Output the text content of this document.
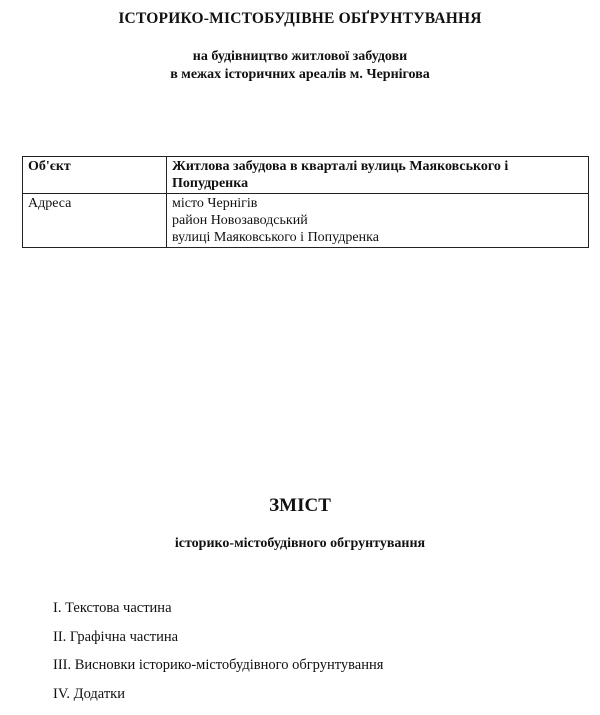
ІСТОРИКО-МІСТОБУДІВНЕ ОБҐРУНТУВАННЯ
на будівництво житлової забудови
в межах історичних ареалів м. Чернігова
Об'єкт	Житлова забудова в кварталі вулиць Маяковського і
Попудренка

Адреса	місто Чернігів
район Новозаводський
вулиці Маяковського і Попудренка
ЗМІСТ
історико-містобудівного обгрунтування
І. Текстова частина
ІІ. Графічна частина
ІІІ. Висновки історико-містобудівного обгрунтування
IV. Додатки
